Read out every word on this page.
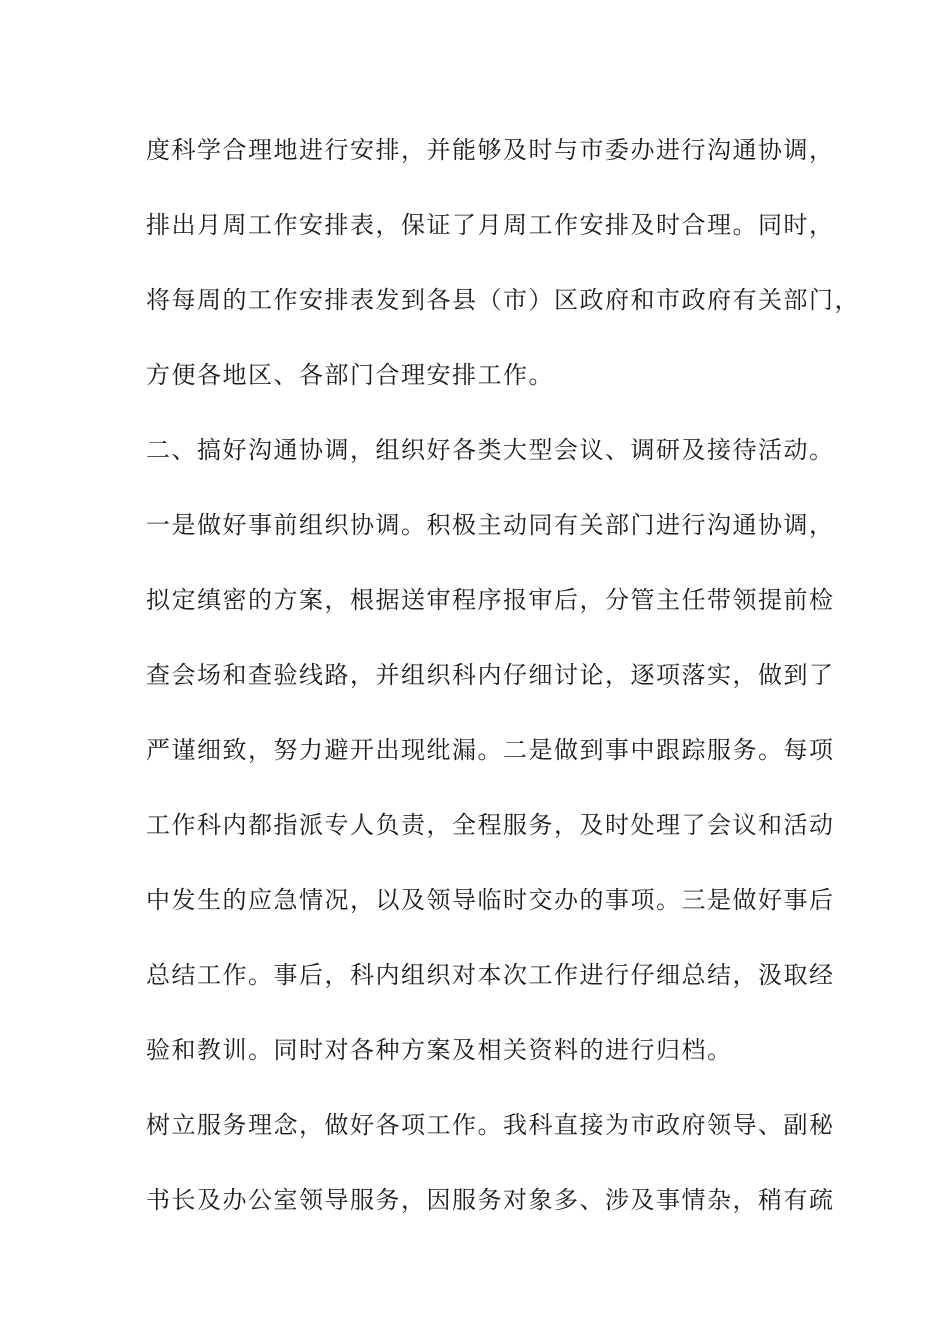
度科学合理地进行安排，并能够及时与市委办进行沟通协调，
排出月周工作安排表，保证了月周工作安排及时合理。同时，
将每周的工作安排表发到各县（市）区政府和市政府有关部门，
方便各地区、各部门合理安排工作。
二、搞好沟通协调，组织好各类大型会议、调研及接待活动。
一是做好事前组织协调。积极主动同有关部门进行沟通协调，
拟定缜密的方案，根据送审程序报审后，分管主任带领提前检
查会场和查验线路，并组织科内仔细讨论，逐项落实，做到了
严谨细致，努力避开出现纰漏。二是做到事中跟踪服务。每项
工作科内都指派专人负责，全程服务，及时处理了会议和活动
中发生的应急情况，以及领导临时交办的事项。三是做好事后
总结工作。事后，科内组织对本次工作进行仔细总结，汲取经
验和教训。同时对各种方案及相关资料的进行归档。
树立服务理念，做好各项工作。我科直接为市政府领导、副秘
书长及办公室领导服务，因服务对象多、涉及事情杂，稍有疏
